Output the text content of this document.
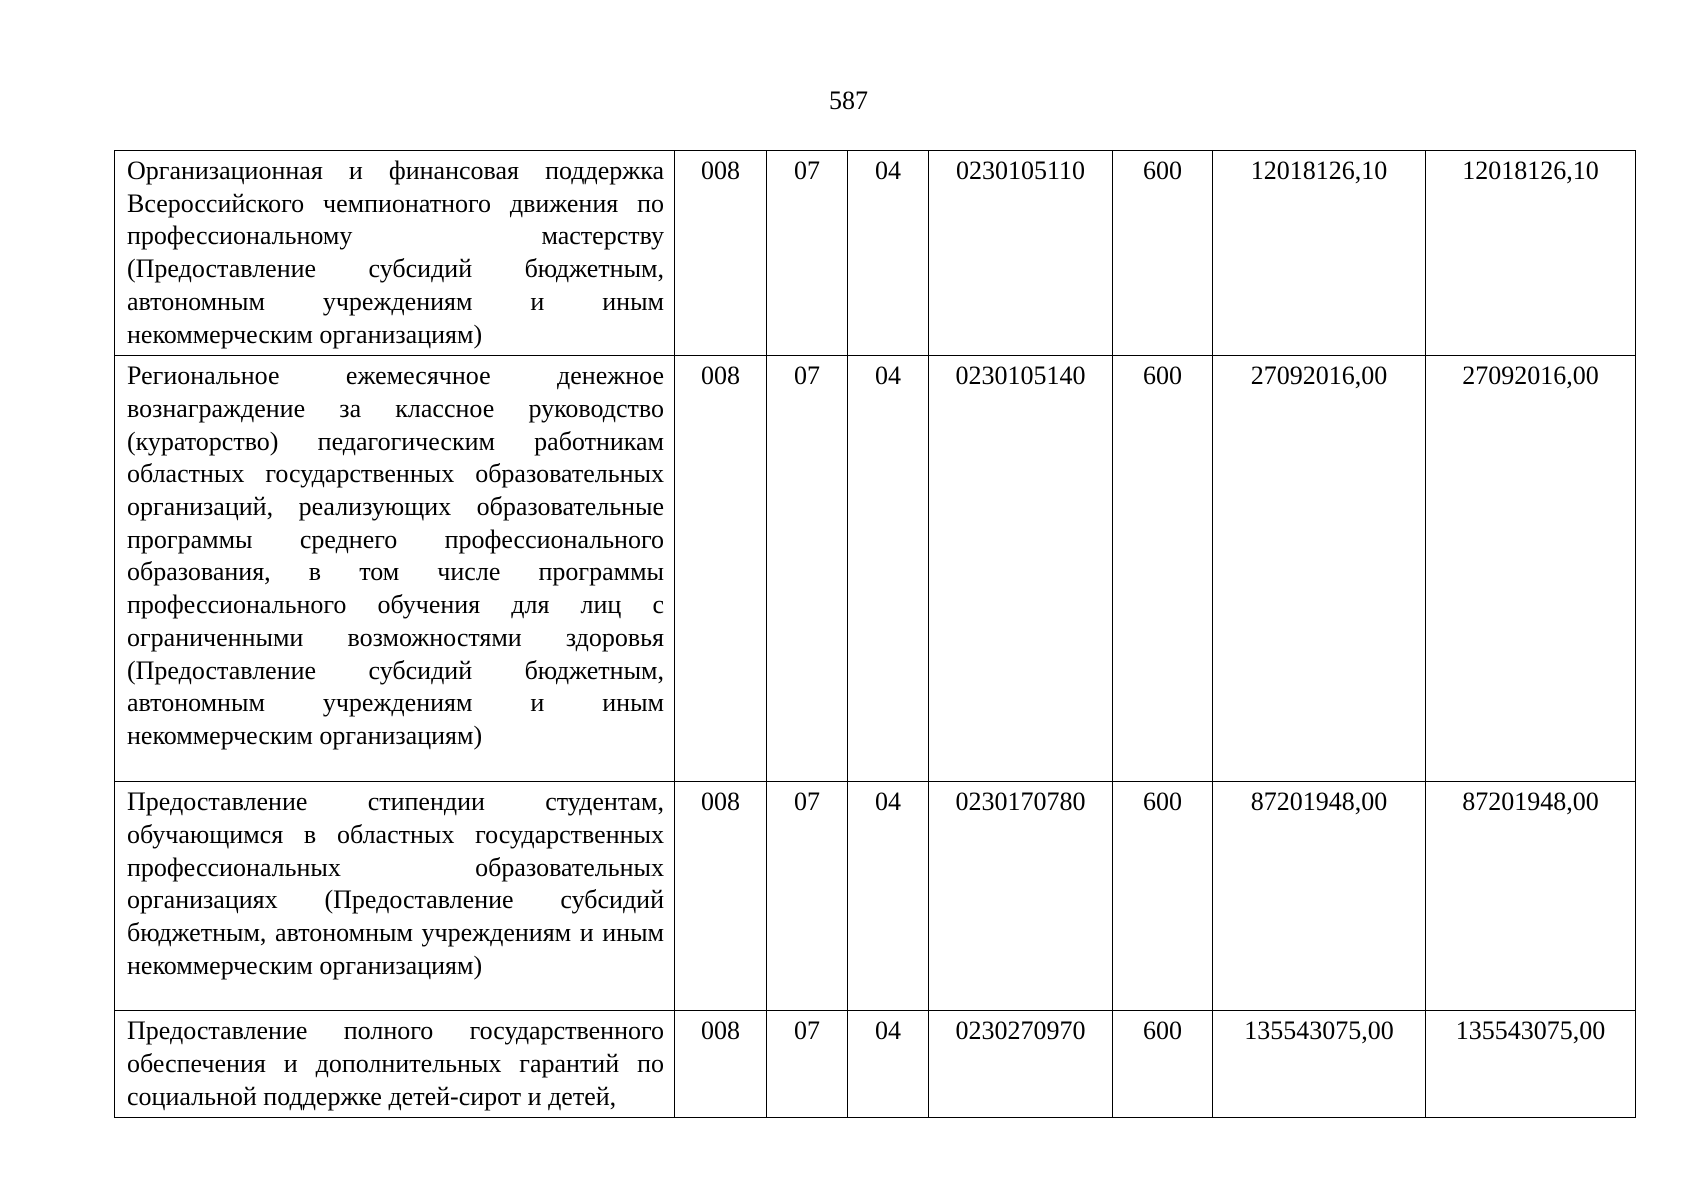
587
Организационная и финансовая поддержка Всероссийского чемпионатного движения по профессиональному мастерству (Предоставление субсидий бюджетным, автономным учреждениям и иным некоммерческим организациям)	008	07	04	0230105110	600	12018126,10	12018126,10
Региональное ежемесячное денежное вознаграждение за классное руководство (кураторство) педагогическим работникам областных государственных образовательных организаций, реализующих образовательные программы среднего профессионального образования, в том числе программы профессионального обучения для лиц с ограниченными возможностями здоровья (Предоставление субсидий бюджетным, автономным учреждениям и иным некоммерческим организациям)	008	07	04	0230105140	600	27092016,00	27092016,00
Предоставление стипендии студентам, обучающимся в областных государственных профессиональных образовательных организациях (Предоставление субсидий бюджетным, автономным учреждениям и иным некоммерческим организациям)	008	07	04	0230170780	600	87201948,00	87201948,00
Предоставление полного государственного обеспечения и дополнительных гарантий по социальной поддержке детей-сирот и детей,	008	07	04	0230270970	600	135543075,00	135543075,00
